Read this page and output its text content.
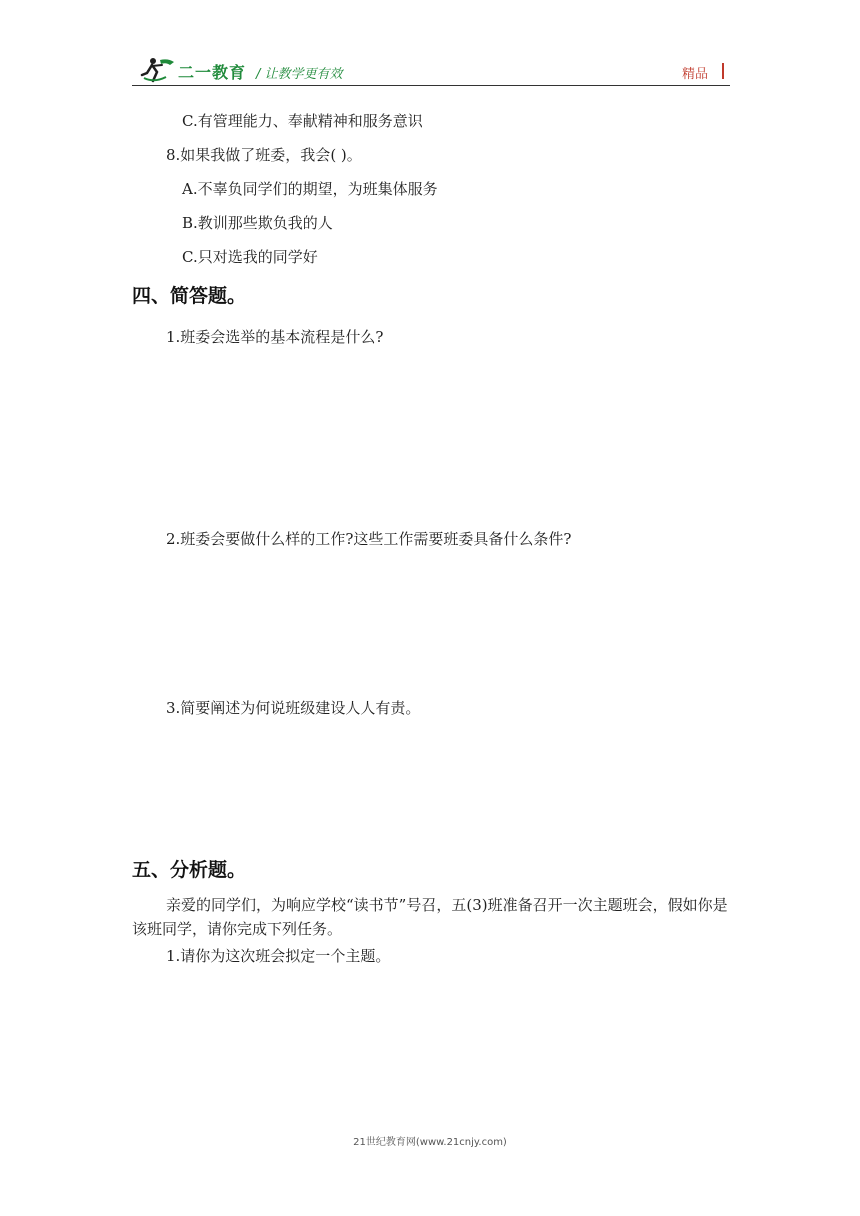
二一教育 / 让教学更有效	精品
C.有管理能力、奉献精神和服务意识
8.如果我做了班委，我会( )。
A.不辜负同学们的期望，为班集体服务
B.教训那些欺负我的人
C.只对选我的同学好
四、简答题。
1.班委会选举的基本流程是什么?
2.班委会要做什么样的工作?这些工作需要班委具备什么条件?
3.简要阐述为何说班级建设人人有责。
五、分析题。
亲爱的同学们，为响应学校“读书节”号召，五(3)班准备召开一次主题班会，假如你是该班同学，请你完成下列任务。
1.请你为这次班会拟定一个主题。
21世纪教育网(www.21cnjy.com)
